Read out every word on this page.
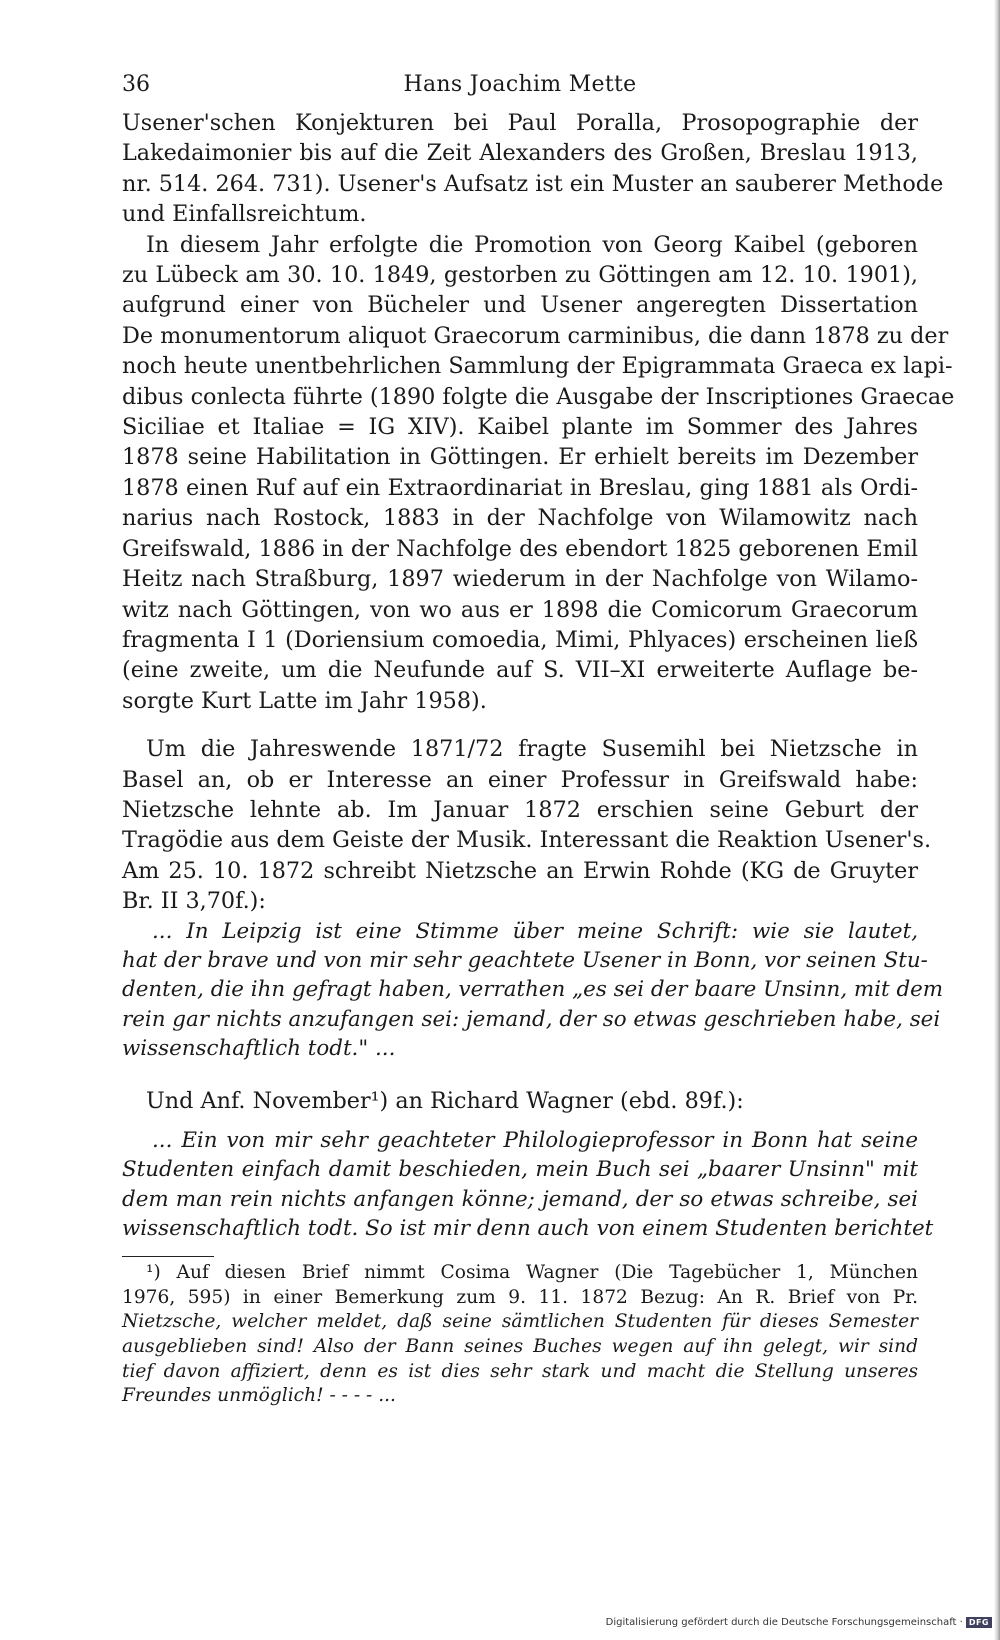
36	Hans Joachim Mette
Usener'schen Konjekturen bei Paul Poralla, Prosopographie der
Lakedaimonier bis auf die Zeit Alexanders des Großen, Breslau 1913,
nr. 514. 264. 731). Usener's Aufsatz ist ein Muster an sauberer Methode
und Einfallsreichtum.
In diesem Jahr erfolgte die Promotion von Georg Kaibel (geboren
zu Lübeck am 30. 10. 1849, gestorben zu Göttingen am 12. 10. 1901),
aufgrund einer von Bücheler und Usener angeregten Dissertation
De monumentorum aliquot Graecorum carminibus, die dann 1878 zu der
noch heute unentbehrlichen Sammlung der Epigrammata Graeca ex lapi-
dibus conlecta führte (1890 folgte die Ausgabe der Inscriptiones Graecae
Siciliae et Italiae = IG XIV). Kaibel plante im Sommer des Jahres
1878 seine Habilitation in Göttingen. Er erhielt bereits im Dezember
1878 einen Ruf auf ein Extraordinariat in Breslau, ging 1881 als Ordi-
narius nach Rostock, 1883 in der Nachfolge von Wilamowitz nach
Greifswald, 1886 in der Nachfolge des ebendort 1825 geborenen Emil
Heitz nach Straßburg, 1897 wiederum in der Nachfolge von Wilamo-
witz nach Göttingen, von wo aus er 1898 die Comicorum Graecorum
fragmenta I 1 (Doriensium comoedia, Mimi, Phlyaces) erscheinen ließ
(eine zweite, um die Neufunde auf S. VII–XI erweiterte Auflage be-
sorgte Kurt Latte im Jahr 1958).
Um die Jahreswende 1871/72 fragte Susemihl bei Nietzsche in
Basel an, ob er Interesse an einer Professur in Greifswald habe:
Nietzsche lehnte ab. Im Januar 1872 erschien seine Geburt der
Tragödie aus dem Geiste der Musik. Interessant die Reaktion Usener's.
Am 25. 10. 1872 schreibt Nietzsche an Erwin Rohde (KG de Gruyter
Br. II 3,70f.):
... In Leipzig ist eine Stimme über meine Schrift: wie sie lautet,
hat der brave und von mir sehr geachtete Usener in Bonn, vor seinen Stu-
denten, die ihn gefragt haben, verrathen „es sei der baare Unsinn, mit dem
rein gar nichts anzufangen sei: jemand, der so etwas geschrieben habe, sei
wissenschaftlich todt." ...
Und Anf. November¹) an Richard Wagner (ebd. 89f.):
... Ein von mir sehr geachteter Philologieprofessor in Bonn hat seine
Studenten einfach damit beschieden, mein Buch sei „baarer Unsinn" mit
dem man rein nichts anfangen könne; jemand, der so etwas schreibe, sei
wissenschaftlich todt. So ist mir denn auch von einem Studenten berichtet
¹) Auf diesen Brief nimmt Cosima Wagner (Die Tagebücher 1, München
1976, 595) in einer Bemerkung zum 9. 11. 1872 Bezug: An R. Brief von Pr.
Nietzsche, welcher meldet, daß seine sämtlichen Studenten für dieses Semester
ausgeblieben sind! Also der Bann seines Buches wegen auf ihn gelegt, wir sind
tief davon affiziert, denn es ist dies sehr stark und macht die Stellung unseres
Freundes unmöglich! - - - - ...
Digitalisierung gefördert durch die Deutsche Forschungsgemeinschaft · DFG
